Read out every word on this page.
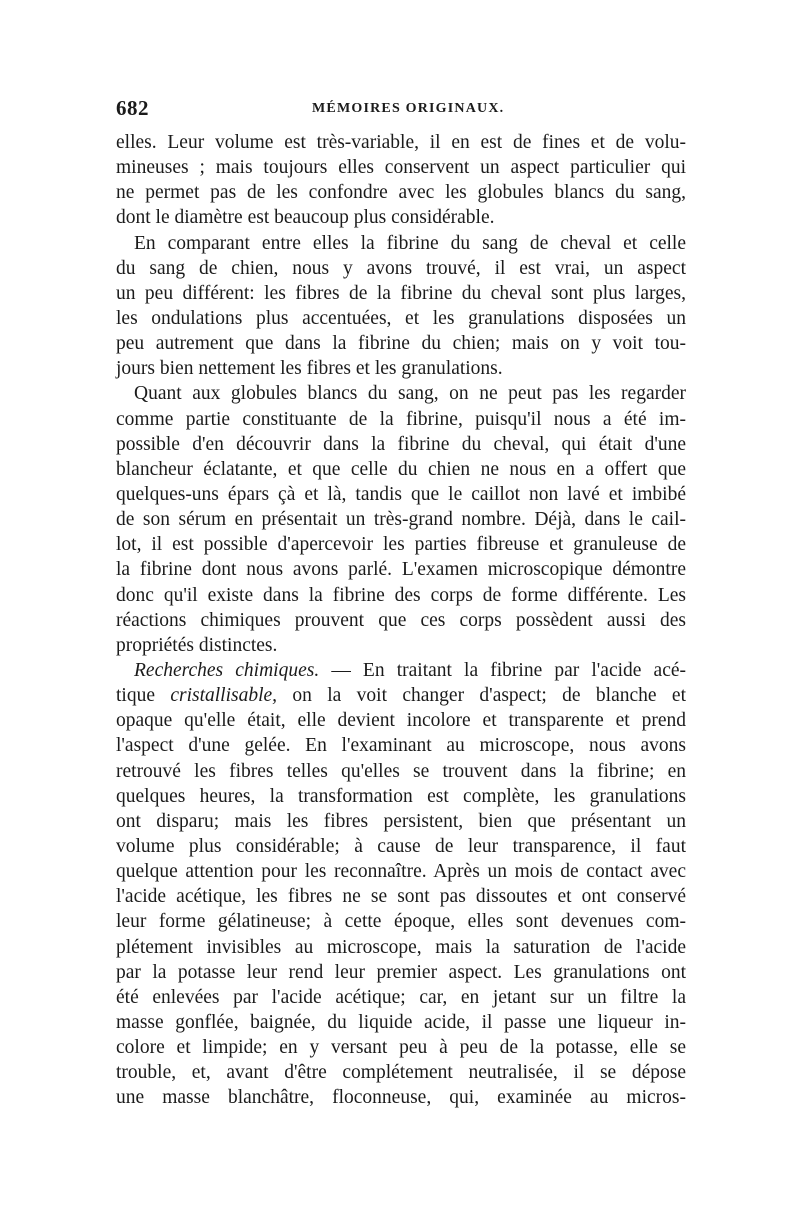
682	MÉMOIRES ORIGINAUX.
elles. Leur volume est très-variable, il en est de fines et de volu-
mineuses ; mais toujours elles conservent un aspect particulier qui
ne permet pas de les confondre avec les globules blancs du sang,
dont le diamètre est beaucoup plus considérable.
En comparant entre elles la fibrine du sang de cheval et celle
du sang de chien, nous y avons trouvé, il est vrai, un aspect
un peu différent: les fibres de la fibrine du cheval sont plus larges,
les ondulations plus accentuées, et les granulations disposées un
peu autrement que dans la fibrine du chien; mais on y voit tou-
jours bien nettement les fibres et les granulations.
Quant aux globules blancs du sang, on ne peut pas les regarder
comme partie constituante de la fibrine, puisqu'il nous a été im-
possible d'en découvrir dans la fibrine du cheval, qui était d'une
blancheur éclatante, et que celle du chien ne nous en a offert que
quelques-uns épars çà et là, tandis que le caillot non lavé et imbibé
de son sérum en présentait un très-grand nombre. Déjà, dans le cail-
lot, il est possible d'apercevoir les parties fibreuse et granuleuse de
la fibrine dont nous avons parlé. L'examen microscopique démontre
donc qu'il existe dans la fibrine des corps de forme différente. Les
réactions chimiques prouvent que ces corps possèdent aussi des
propriétés distinctes.
Recherches chimiques. — En traitant la fibrine par l'acide acé-
tique cristallisable, on la voit changer d'aspect; de blanche et
opaque qu'elle était, elle devient incolore et transparente et prend
l'aspect d'une gelée. En l'examinant au microscope, nous avons
retrouvé les fibres telles qu'elles se trouvent dans la fibrine; en
quelques heures, la transformation est complète, les granulations
ont disparu; mais les fibres persistent, bien que présentant un
volume plus considérable; à cause de leur transparence, il faut
quelque attention pour les reconnaître. Après un mois de contact avec
l'acide acétique, les fibres ne se sont pas dissoutes et ont conservé
leur forme gélatineuse; à cette époque, elles sont devenues com-
plétement invisibles au microscope, mais la saturation de l'acide
par la potasse leur rend leur premier aspect. Les granulations ont
été enlevées par l'acide acétique; car, en jetant sur un filtre la
masse gonflée, baignée, du liquide acide, il passe une liqueur in-
colore et limpide; en y versant peu à peu de la potasse, elle se
trouble, et, avant d'être complétement neutralisée, il se dépose
une masse blanchâtre, floconneuse, qui, examinée au micros-
